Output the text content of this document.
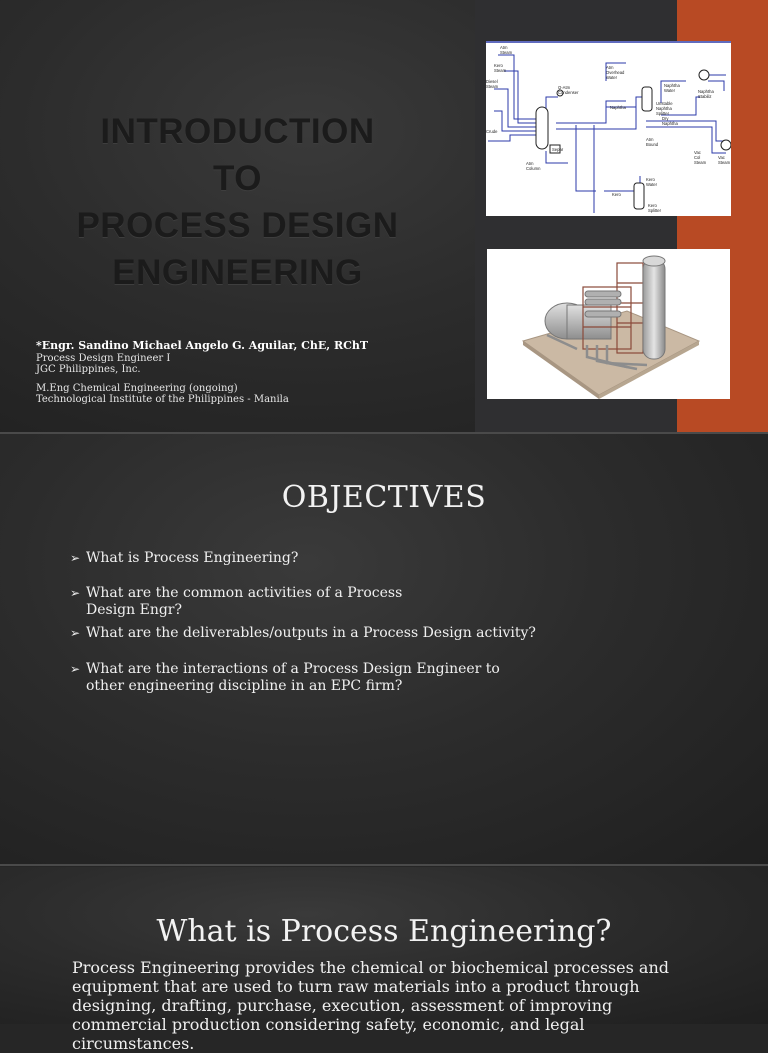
INTRODUCTION
TO
PROCESS DESIGN
ENGINEERING
*Engr. Sandino Michael Angelo G. Aguilar, ChE, RChT
Process Design Engineer I
JGC Philippines, Inc.
M.Eng Chemical Engineering (ongoing)
Technological Institute of the Philippines - Manila
Atm
Steam
Kero
Steam
Diesel
Steam
Crude
Atm
Overhead
Water
Q-Atm
Condenser
Naphtha
Water
Unstable
Naphtha
Splitter
Naphtha
Dry
Naphtha
Naphtha
Stabiliz
Atm
Column
Atm
Bound
Vac
Col
Steam
Vac
Steam
Kero
Water
Kero
Kero
Splitter
Separ
OBJECTIVES
➢ What is Process Engineering?
➢ What are the common activities of a Process Design Engr?
➢ What are the deliverables/outputs in a Process Design activity?
➢ What are the interactions of a Process Design Engineer to other engineering discipline in an EPC firm?
What is Process Engineering?
Process Engineering provides the chemical or biochemical processes and equipment that are used to turn raw materials into a product through designing, drafting, purchase, execution, assessment of improving commercial production considering safety, economic, and legal circumstances.
